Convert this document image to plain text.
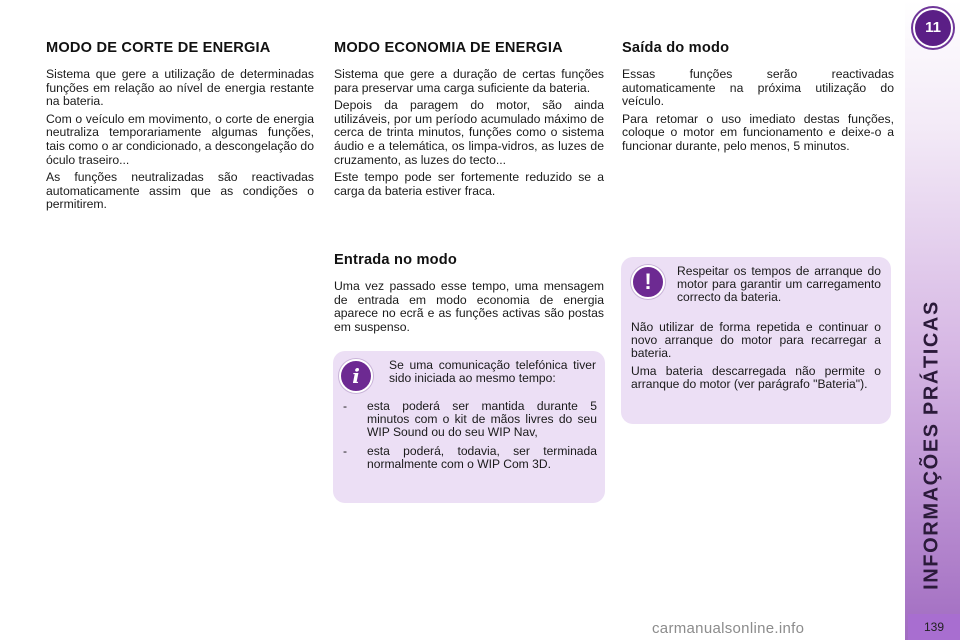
MODO DE CORTE DE ENERGIA

Sistema que gere a utilização de determinadas funções em relação ao nível de energia restante na bateria.

Com o veículo em movimento, o corte de energia neutraliza temporariamente algumas funções, tais como o ar condicionado, a descongelação do óculo traseiro...

As funções neutralizadas são reactivadas automaticamente assim que as condições o permitirem.

MODO ECONOMIA DE ENERGIA

Sistema que gere a duração de certas funções para preservar uma carga suficiente da bateria.

Depois da paragem do motor, são ainda utilizáveis, por um período acumulado máximo de cerca de trinta minutos, funções como o sistema áudio e a telemática, os limpa-vidros, as luzes de cruzamento, as luzes do tecto...

Este tempo pode ser fortemente reduzido se a carga da bateria estiver fraca.

Entrada no modo

Uma vez passado esse tempo, uma mensagem de entrada em modo economia de energia aparece no ecrã e as funções activas são postas em suspenso.

Saída do modo

Essas funções serão reactivadas automaticamente na próxima utilização do veículo.

Para retomar o uso imediato destas funções, coloque o motor em funcionamento e deixe-o a funcionar durante, pelo menos, 5 minutos.

i	Se uma comunicação telefónica tiver sido iniciada ao mesmo tempo:

-	esta poderá ser mantida durante 5 minutos com o kit de mãos livres do seu WIP Sound ou do seu WIP Nav,
-	esta poderá, todavia, ser terminada normalmente com o WIP Com 3D.
!	Respeitar os tempos de arranque do motor para garantir um carregamento correcto da bateria.

Não utilizar de forma repetida e continuar o novo arranque do motor para recarregar a bateria.

Uma bateria descarregada não permite o arranque do motor (ver parágrafo "Bateria").

11
INFORMAÇÕES PRÁTICAS
139
carmanualsonline.info
